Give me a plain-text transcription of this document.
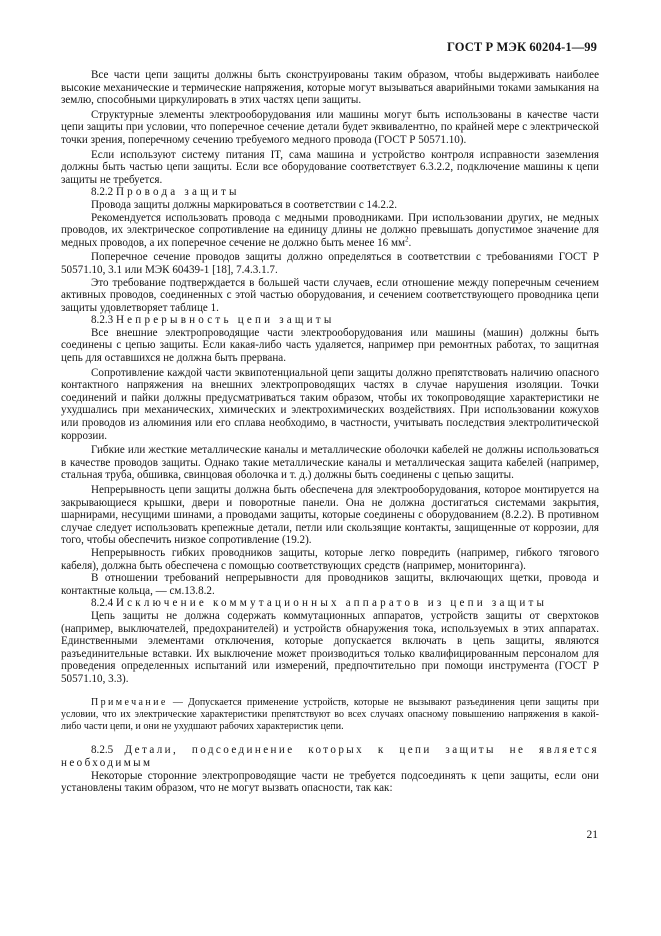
ГОСТ Р МЭК 60204-1—99

Все части цепи защиты должны быть сконструированы таким образом, чтобы выдерживать наиболее высокие механические и термические напряжения, которые могут вызываться аварийными токами замыкания на землю, способными циркулировать в этих частях цепи защиты.

Структурные элементы электрооборудования или машины могут быть использованы в качестве части цепи защиты при условии, что поперечное сечение детали будет эквивалентно, по крайней мере с электрической точки зрения, поперечному сечению требуемого медного провода (ГОСТ Р 50571.10).

Если используют систему питания IT, сама машина и устройство контроля исправности заземления должны быть частью цепи защиты. Если все оборудование соответствует 6.3.2.2, подключение машины к цепи защиты не требуется.

8.2.2 Провода защиты

Провода защиты должны маркироваться в соответствии с 14.2.2.

Рекомендуется использовать провода с медными проводниками. При использовании других, не медных проводов, их электрическое сопротивление на единицу длины не должно превышать допустимое значение для медных проводов, а их поперечное сечение не должно быть менее 16 $мм^2$.

Поперечное сечение проводов защиты должно определяться в соответствии с требованиями ГОСТ Р 50571.10, 3.1 или МЭК 60439-1 [18], 7.4.3.1.7.

Это требование подтверждается в большей части случаев, если отношение между поперечным сечением активных проводов, соединенных с этой частью оборудования, и сечением соответствующего проводника цепи защиты удовлетворяет таблице 1.

8.2.3 Непрерывность цепи защиты

Все внешние электропроводящие части электрооборудования или машины (машин) должны быть соединены с цепью защиты. Если какая-либо часть удаляется, например при ремонтных работах, то защитная цепь для оставшихся не должна быть прервана.

Сопротивление каждой части эквипотенциальной цепи защиты должно препятствовать наличию опасного контактного напряжения на внешних электропроводящих частях в случае нарушения изоляции. Точки соединений и пайки должны предусматриваться таким образом, чтобы их токопроводящие характеристики не ухудшались при механических, химических и электрохимических воздействиях. При использовании кожухов или проводов из алюминия или его сплава необходимо, в частности, учитывать последствия электролитической коррозии.

Гибкие или жесткие металлические каналы и металлические оболочки кабелей не должны использоваться в качестве проводов защиты. Однако такие металлические каналы и металлическая защита кабелей (например, стальная труба, обшивка, свинцовая оболочка и т. д.) должны быть соединены с цепью защиты.

Непрерывность цепи защиты должна быть обеспечена для электрооборудования, которое монтируется на закрывающиеся крышки, двери и поворотные панели. Она не должна достигаться системами закрытия, шарнирами, несущими шинами, а проводами защиты, которые соединены с оборудованием (8.2.2). В противном случае следует использовать крепежные детали, петли или скользящие контакты, защищенные от коррозии, для того, чтобы обеспечить низкое сопротивление (19.2).

Непрерывность гибких проводников защиты, которые легко повредить (например, гибкого тягового кабеля), должна быть обеспечена с помощью соответствующих средств (например, мониторинга).

В отношении требований непрерывности для проводников защиты, включающих щетки, провода и контактные кольца, — см.13.8.2.

8.2.4 Исключение коммутационных аппаратов из цепи защиты

Цепь защиты не должна содержать коммутационных аппаратов, устройств защиты от сверхтоков (например, выключателей, предохранителей) и устройств обнаружения тока, используемых в этих аппаратах. Единственными элементами отключения, которые допускается включать в цепь защиты, являются разъединительные вставки. Их выключение может производиться только квалифицированным персоналом для проведения определенных испытаний или измерений, предпочтительно при помощи инструмента (ГОСТ Р 50571.10, 3.3).

Примечание — Допускается применение устройств, которые не вызывают разъединения цепи защиты при условии, что их электрические характеристики препятствуют во всех случаях опасному повышению напряжения в какой-либо части цепи, и они не ухудшают рабочих характеристик цепи.

8.2.5 Детали, подсоединение которых к цепи защиты не является необходимым

Некоторые сторонние электропроводящие части не требуется подсоединять к цепи защиты, если они установлены таким образом, что не могут вызвать опасности, так как:

21
